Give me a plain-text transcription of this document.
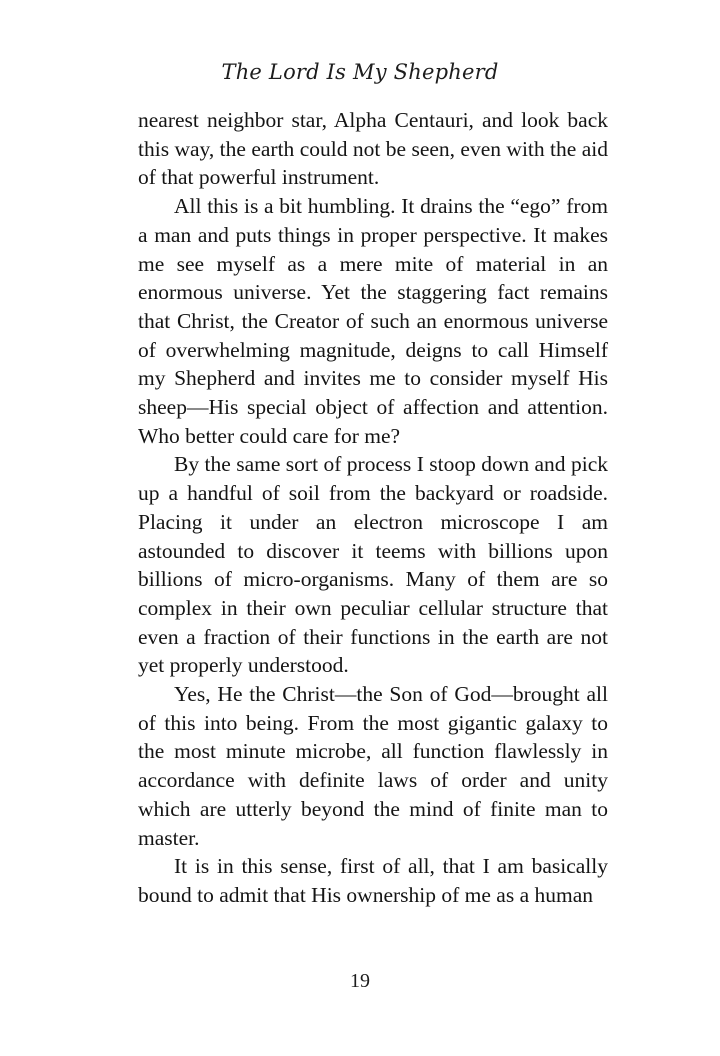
The Lord Is My Shepherd

nearest neighbor star, Alpha Centauri, and look back this way, the earth could not be seen, even with the aid of that powerful instrument.

All this is a bit humbling. It drains the “ego” from a man and puts things in proper perspective. It makes me see myself as a mere mite of material in an enormous universe. Yet the staggering fact remains that Christ, the Creator of such an enormous universe of overwhelming magnitude, deigns to call Himself my Shepherd and invites me to consider myself His sheep—His special object of affection and attention. Who better could care for me?

By the same sort of process I stoop down and pick up a handful of soil from the backyard or roadside. Placing it under an electron microscope I am astounded to discover it teems with billions upon billions of micro-organisms. Many of them are so complex in their own peculiar cellular structure that even a fraction of their functions in the earth are not yet properly understood.

Yes, He the Christ—the Son of God—brought all of this into being. From the most gigantic galaxy to the most minute microbe, all function flawlessly in accordance with definite laws of order and unity which are utterly beyond the mind of finite man to master.

It is in this sense, first of all, that I am basically bound to admit that His ownership of me as a human

19
